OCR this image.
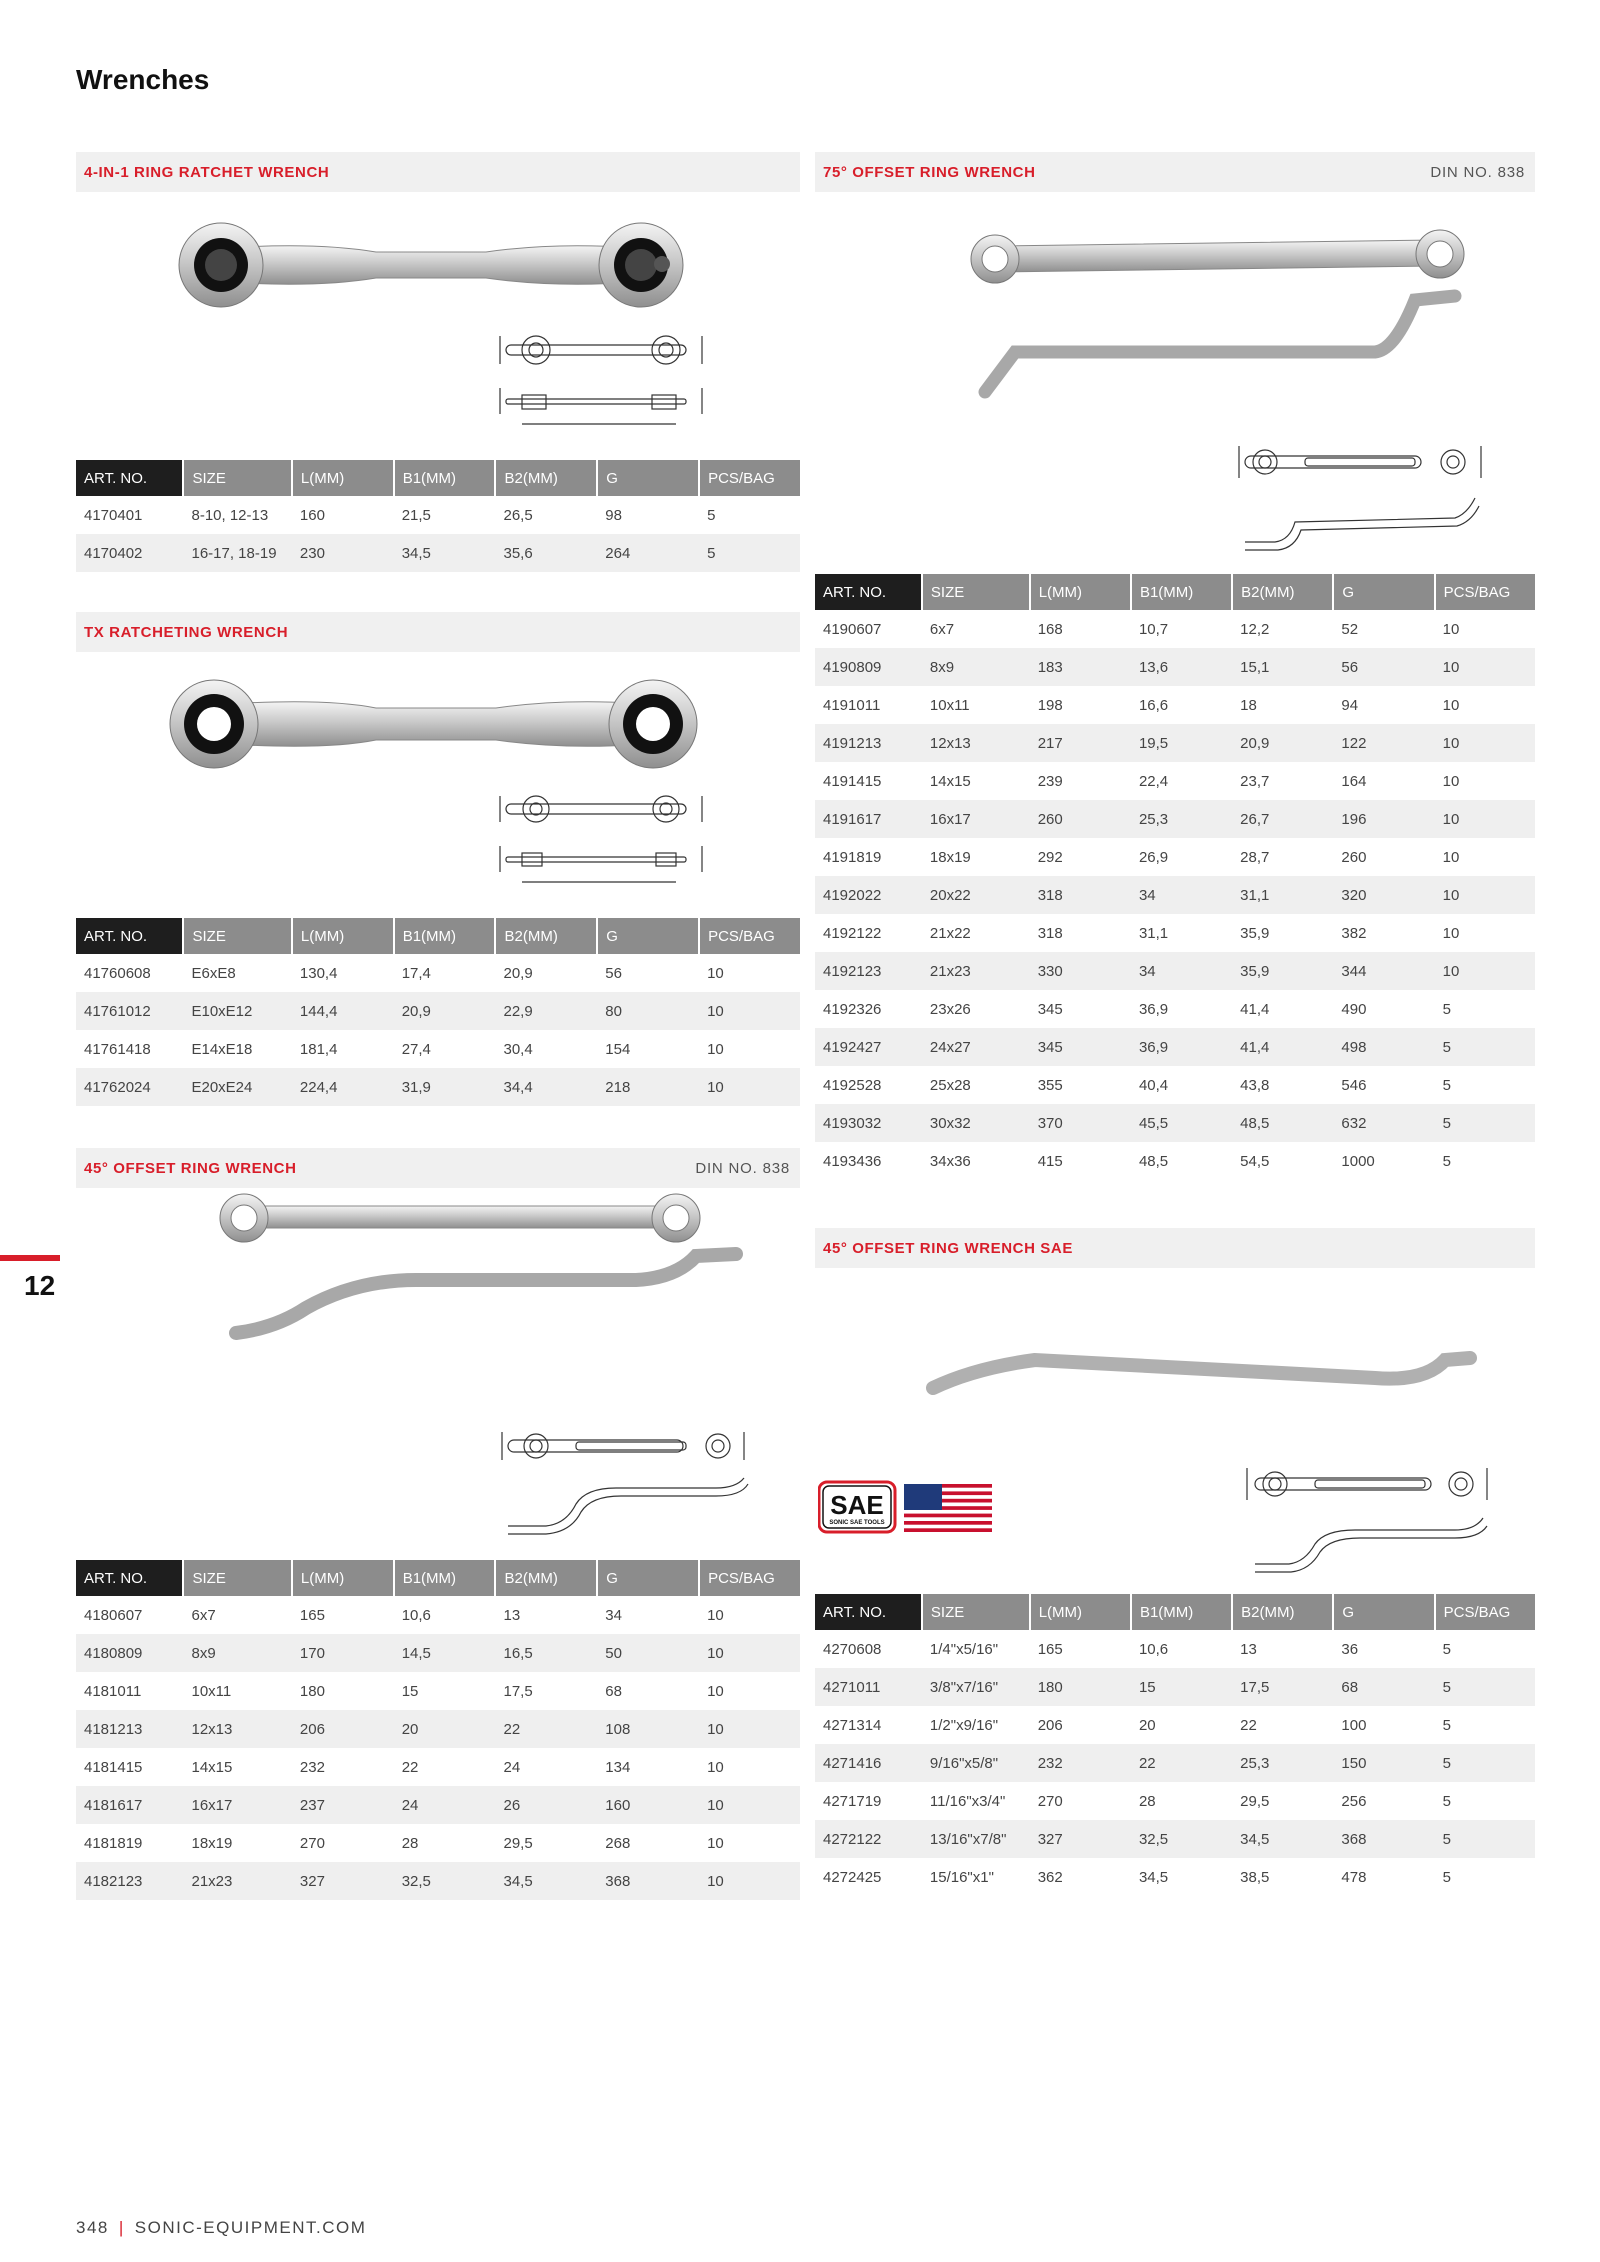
Wrenches
4-IN-1 RING RATCHET WRENCH
ART. NO.	SIZE	L(MM)	B1(MM)	B2(MM)	G	PCS/BAG
4170401	8-10, 12-13	160	21,5	26,5	98	5
4170402	16-17, 18-19	230	34,5	35,6	264	5
TX RATCHETING WRENCH
ART. NO.	SIZE	L(MM)	B1(MM)	B2(MM)	G	PCS/BAG
41760608	E6xE8	130,4	17,4	20,9	56	10
41761012	E10xE12	144,4	20,9	22,9	80	10
41761418	E14xE18	181,4	27,4	30,4	154	10
41762024	E20xE24	224,4	31,9	34,4	218	10
45° OFFSET RING WRENCH	DIN NO. 838
ART. NO.	SIZE	L(MM)	B1(MM)	B2(MM)	G	PCS/BAG
4180607	6x7	165	10,6	13	34	10
4180809	8x9	170	14,5	16,5	50	10
4181011	10x11	180	15	17,5	68	10
4181213	12x13	206	20	22	108	10
4181415	14x15	232	22	24	134	10
4181617	16x17	237	24	26	160	10
4181819	18x19	270	28	29,5	268	10
4182123	21x23	327	32,5	34,5	368	10
75° OFFSET RING WRENCH	DIN NO. 838
ART. NO.	SIZE	L(MM)	B1(MM)	B2(MM)	G	PCS/BAG
4190607	6x7	168	10,7	12,2	52	10
4190809	8x9	183	13,6	15,1	56	10
4191011	10x11	198	16,6	18	94	10
4191213	12x13	217	19,5	20,9	122	10
4191415	14x15	239	22,4	23,7	164	10
4191617	16x17	260	25,3	26,7	196	10
4191819	18x19	292	26,9	28,7	260	10
4192022	20x22	318	34	31,1	320	10
4192122	21x22	318	31,1	35,9	382	10
4192123	21x23	330	34	35,9	344	10
4192326	23x26	345	36,9	41,4	490	5
4192427	24x27	345	36,9	41,4	498	5
4192528	25x28	355	40,4	43,8	546	5
4193032	30x32	370	45,5	48,5	632	5
4193436	34x36	415	48,5	54,5	1000	5
45° OFFSET RING WRENCH SAE
ART. NO.	SIZE	L(MM)	B1(MM)	B2(MM)	G	PCS/BAG
4270608	1/4"x5/16"	165	10,6	13	36	5
4271011	3/8"x7/16"	180	15	17,5	68	5
4271314	1/2"x9/16"	206	20	22	100	5
4271416	9/16"x5/8"	232	22	25,3	150	5
4271719	11/16"x3/4"	270	28	29,5	256	5
4272122	13/16"x7/8"	327	32,5	34,5	368	5
4272425	15/16"x1"	362	34,5	38,5	478	5
SAE
SONIC SAE TOOLS
12
348 | SONIC-EQUIPMENT.COM
